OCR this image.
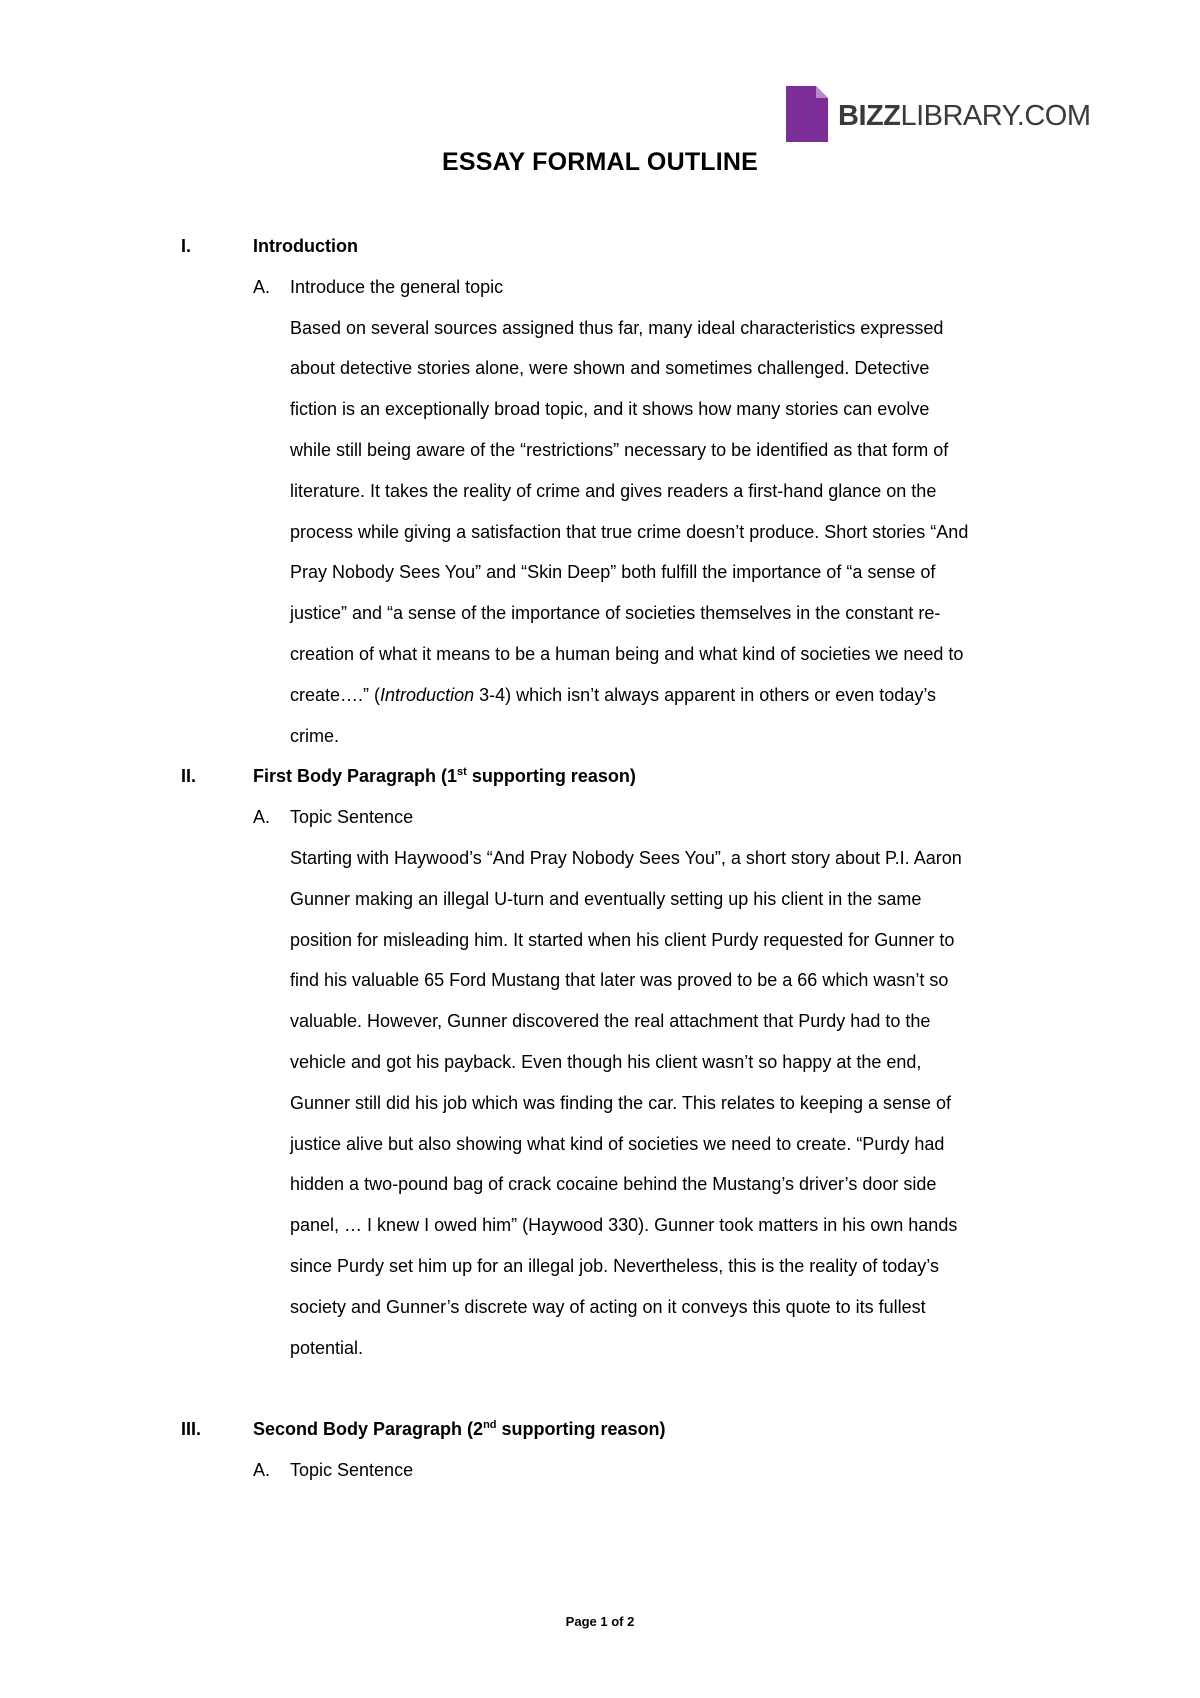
BIZZLIBRARY.COM
ESSAY FORMAL OUTLINE
I.	Introduction
A. Introduce the general topic
Based on several sources assigned thus far, many ideal characteristics expressed
about detective stories alone, were shown and sometimes challenged. Detective
fiction is an exceptionally broad topic, and it shows how many stories can evolve
while still being aware of the “restrictions” necessary to be identified as that form of
literature. It takes the reality of crime and gives readers a first-hand glance on the
process while giving a satisfaction that true crime doesn’t produce. Short stories “And
Pray Nobody Sees You” and “Skin Deep” both fulfill the importance of “a sense of
justice” and “a sense of the importance of societies themselves in the constant re-
creation of what it means to be a human being and what kind of societies we need to
create….” (Introduction 3-4) which isn’t always apparent in others or even today’s
crime.
II.	First Body Paragraph (1st supporting reason)
A. Topic Sentence
Starting with Haywood’s “And Pray Nobody Sees You”, a short story about P.I. Aaron
Gunner making an illegal U-turn and eventually setting up his client in the same
position for misleading him. It started when his client Purdy requested for Gunner to
find his valuable 65 Ford Mustang that later was proved to be a 66 which wasn’t so
valuable. However, Gunner discovered the real attachment that Purdy had to the
vehicle and got his payback. Even though his client wasn’t so happy at the end,
Gunner still did his job which was finding the car. This relates to keeping a sense of
justice alive but also showing what kind of societies we need to create. “Purdy had
hidden a two-pound bag of crack cocaine behind the Mustang’s driver’s door side
panel, … I knew I owed him” (Haywood 330). Gunner took matters in his own hands
since Purdy set him up for an illegal job. Nevertheless, this is the reality of today’s
society and Gunner’s discrete way of acting on it conveys this quote to its fullest
potential.
III.	Second Body Paragraph (2nd supporting reason)
A. Topic Sentence
Page 1 of 2
